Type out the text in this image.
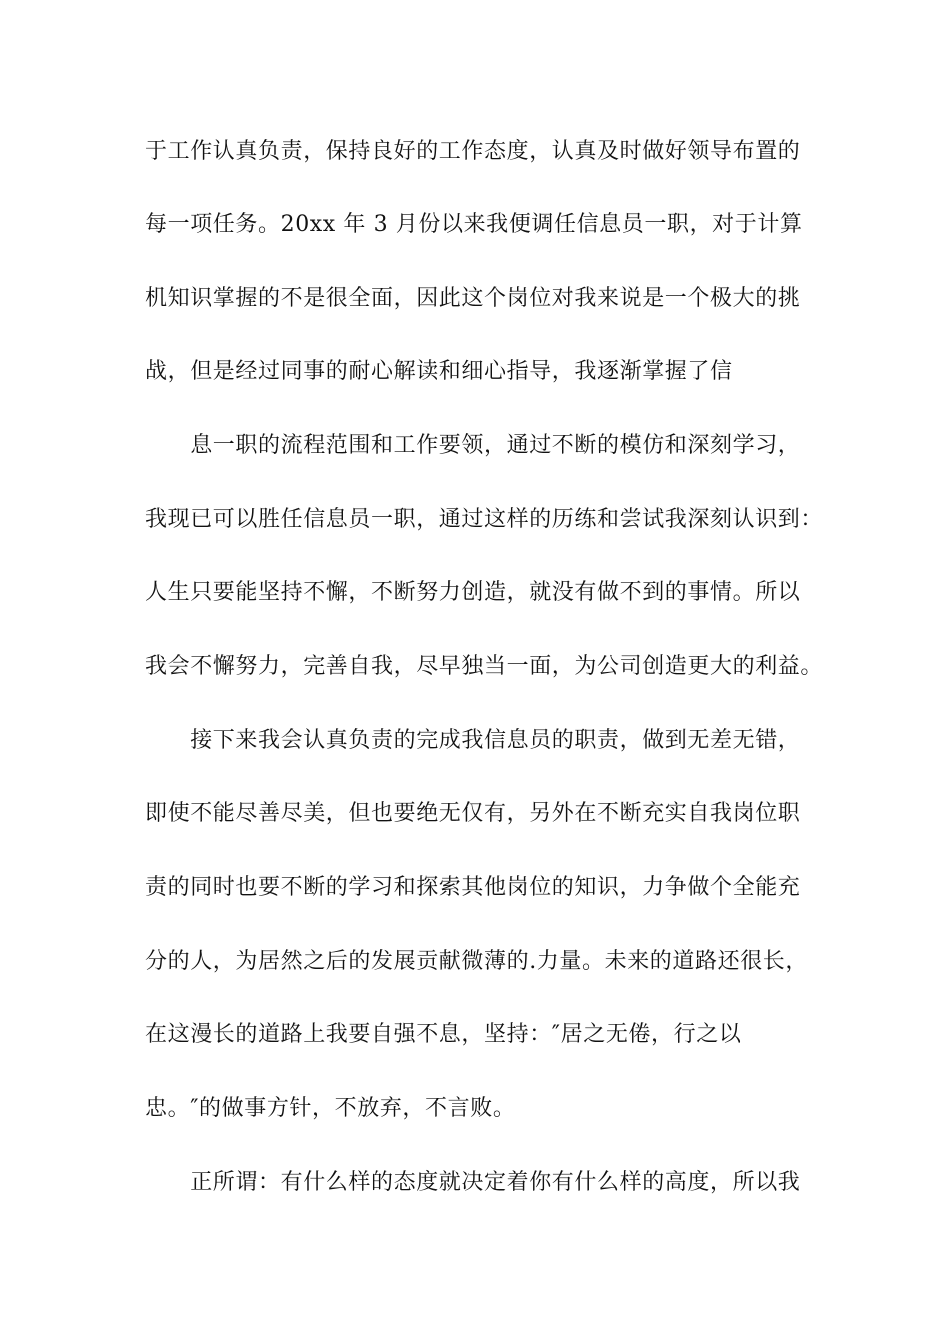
于工作认真负责，保持良好的工作态度，认真及时做好领导布置的
每一项任务。20xx 年 3 月份以来我便调任信息员一职，对于计算
机知识掌握的不是很全面，因此这个岗位对我来说是一个极大的挑
战，但是经过同事的耐心解读和细心指导，我逐渐掌握了信
　　息一职的流程范围和工作要领，通过不断的模仿和深刻学习，
我现已可以胜任信息员一职，通过这样的历练和尝试我深刻认识到：
人生只要能坚持不懈，不断努力创造，就没有做不到的事情。所以
我会不懈努力，完善自我，尽早独当一面，为公司创造更大的利益。
　　接下来我会认真负责的完成我信息员的职责，做到无差无错，
即使不能尽善尽美，但也要绝无仅有，另外在不断充实自我岗位职
责的同时也要不断的学习和探索其他岗位的知识，力争做个全能充
分的人，为居然之后的发展贡献微薄的.力量。未来的道路还很长，
在这漫长的道路上我要自强不息，坚持：″居之无倦，行之以
忠。″的做事方针，不放弃，不言败。
　　正所谓：有什么样的态度就决定着你有什么样的高度，所以我
